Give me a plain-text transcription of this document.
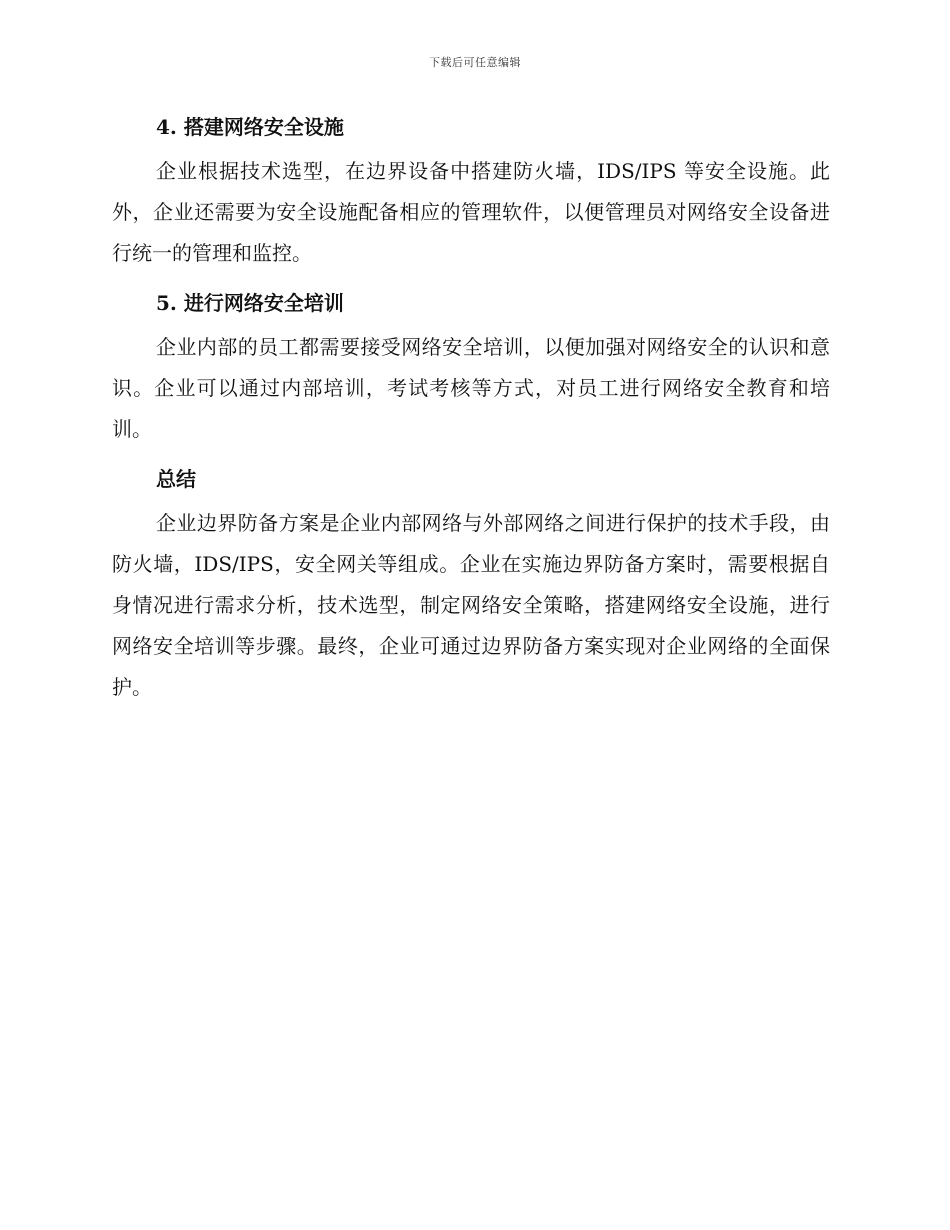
下载后可任意编辑
4. 搭建网络安全设施

企业根据技术选型，在边界设备中搭建防火墙，IDS/IPS 等安全设施。此外，企业还需要为安全设施配备相应的管理软件，以便管理员对网络安全设备进行统一的管理和监控。

5. 进行网络安全培训

企业内部的员工都需要接受网络安全培训，以便加强对网络安全的认识和意识。企业可以通过内部培训，考试考核等方式，对员工进行网络安全教育和培训。

总结

企业边界防备方案是企业内部网络与外部网络之间进行保护的技术手段，由防火墙，IDS/IPS，安全网关等组成。企业在实施边界防备方案时，需要根据自身情况进行需求分析，技术选型，制定网络安全策略，搭建网络安全设施，进行网络安全培训等步骤。最终，企业可通过边界防备方案实现对企业网络的全面保护。
